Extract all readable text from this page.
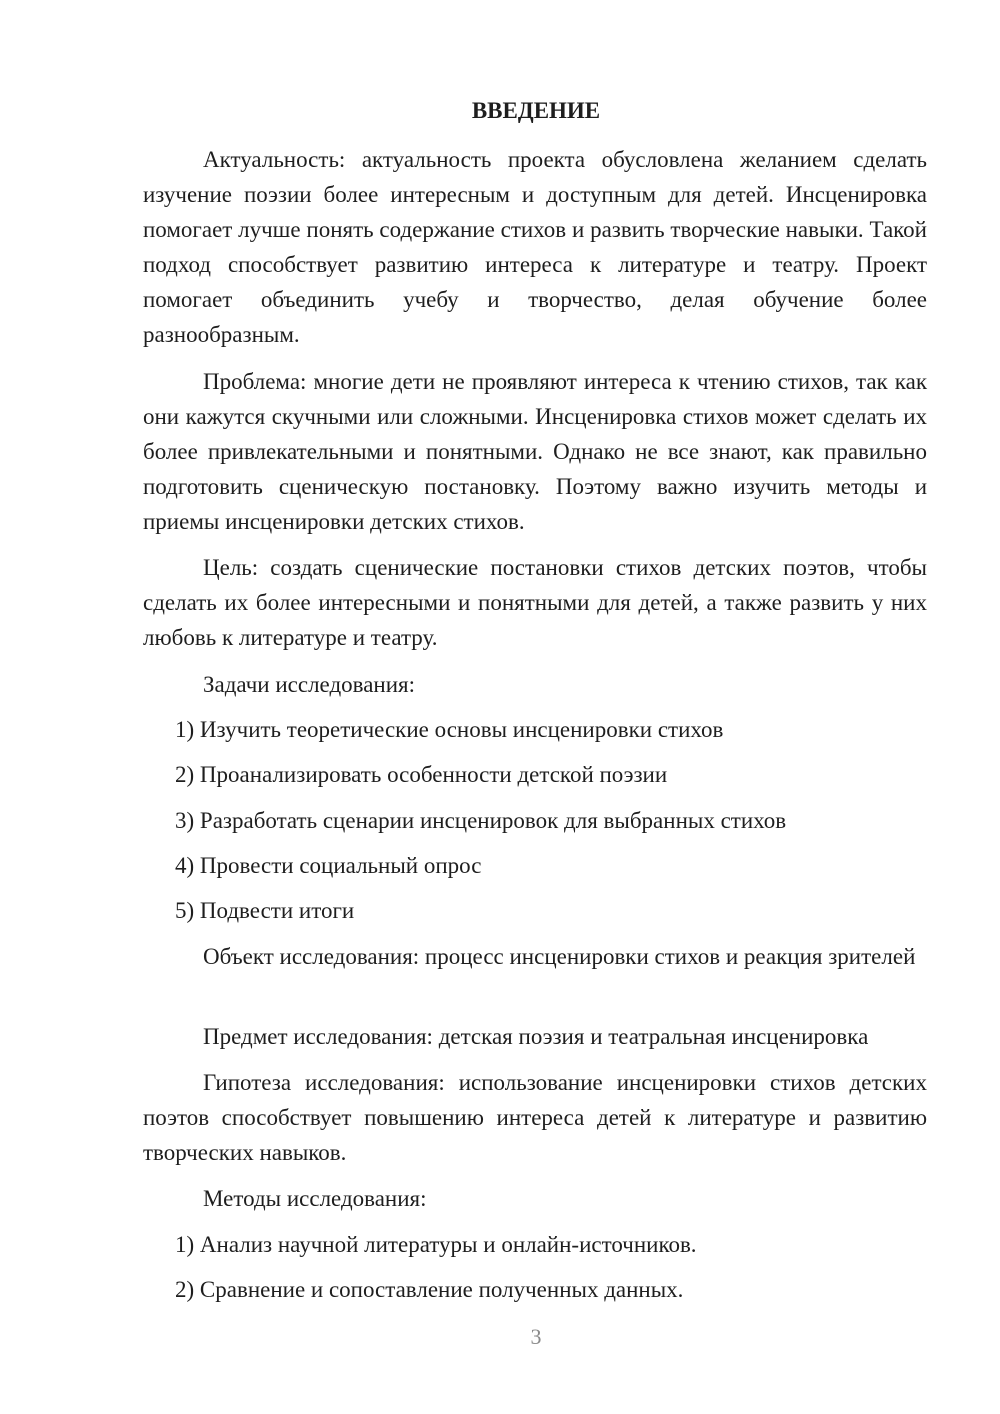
ВВЕДЕНИЕ

Актуальность: актуальность проекта обусловлена желанием сделать изучение поэзии более интересным и доступным для детей. Инсценировка помогает лучше понять содержание стихов и развить творческие навыки. Такой подход способствует развитию интереса к литературе и театру. Проект помогает объединить учебу и творчество, делая обучение более разнообразным.

Проблема: многие дети не проявляют интереса к чтению стихов, так как они кажутся скучными или сложными. Инсценировка стихов может сделать их более привлекательными и понятными. Однако не все знают, как правильно подготовить сценическую постановку. Поэтому важно изучить методы и приемы инсценировки детских стихов.

Цель: создать сценические постановки стихов детских поэтов, чтобы сделать их более интересными и понятными для детей, а также развить у них любовь к литературе и театру.

Задачи исследования:

1) Изучить теоретические основы инсценировки стихов

2) Проанализировать особенности детской поэзии

3) Разработать сценарии инсценировок для выбранных стихов

4) Провести социальный опрос

5) Подвести итоги

Объект исследования: процесс инсценировки стихов и реакция зрителей

Предмет исследования: детская поэзия и театральная инсценировка

Гипотеза исследования: использование инсценировки стихов детских поэтов способствует повышению интереса детей к литературе и развитию творческих навыков.

Методы исследования:

1) Анализ научной литературы и онлайн-источников.

2) Сравнение и сопоставление полученных данных.

3
